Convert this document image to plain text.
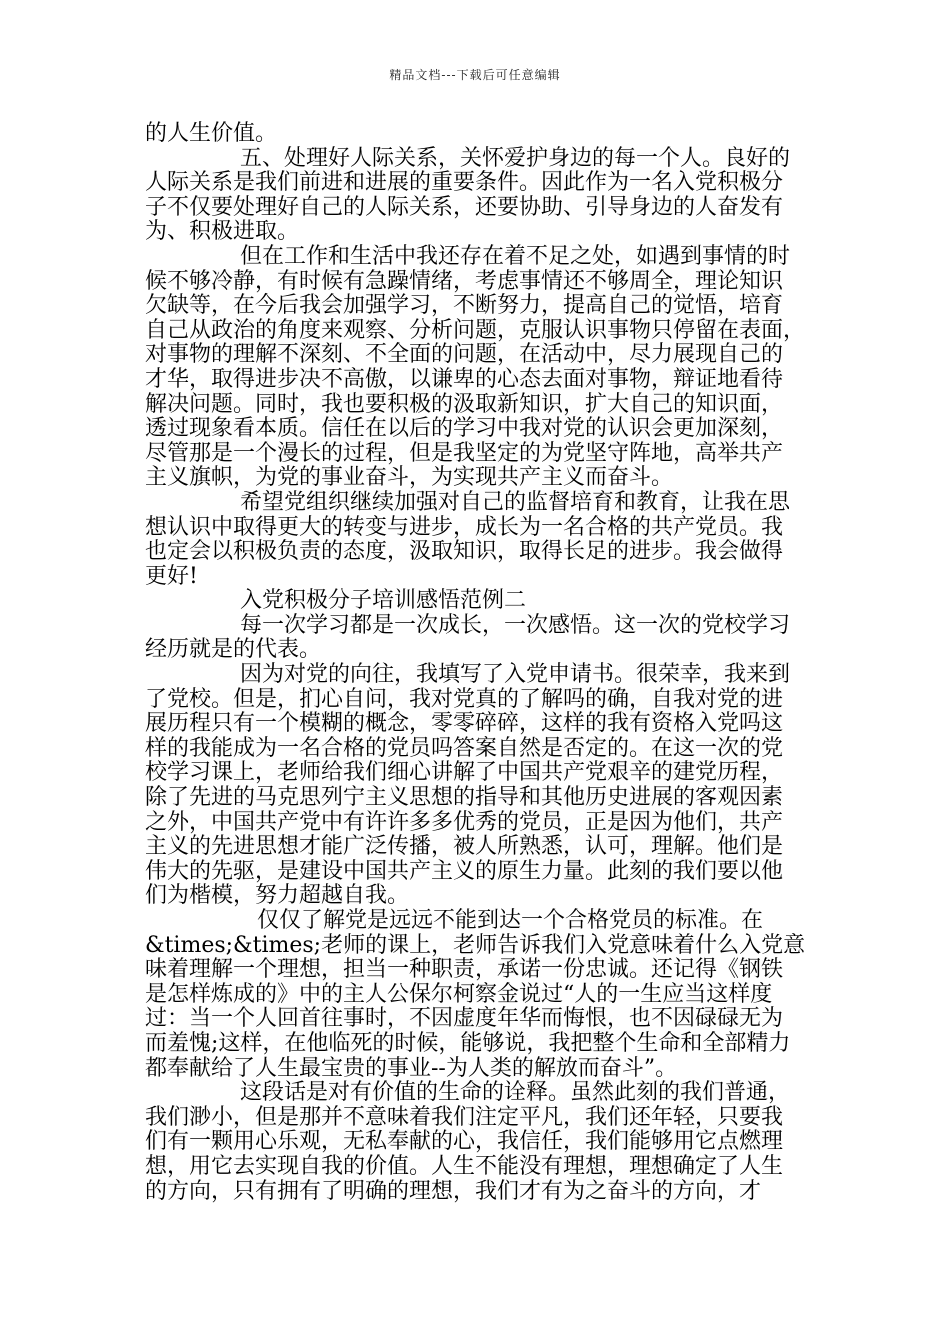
精品文档---下载后可任意编辑
的人生价值。
五、处理好人际关系，关怀爱护身边的每一个人。良好的
人际关系是我们前进和进展的重要条件。因此作为一名入党积极分
子不仅要处理好自己的人际关系，还要协助、引导身边的人奋发有
为、积极进取。
但在工作和生活中我还存在着不足之处，如遇到事情的时
候不够冷静，有时候有急躁情绪，考虑事情还不够周全，理论知识
欠缺等，在今后我会加强学习，不断努力，提高自己的觉悟，培育
自己从政治的角度来观察、分析问题，克服认识事物只停留在表面，
对事物的理解不深刻、不全面的问题，在活动中，尽力展现自己的
才华，取得进步决不高傲，以谦卑的心态去面对事物，辩证地看待
解决问题。同时，我也要积极的汲取新知识，扩大自己的知识面，
透过现象看本质。信任在以后的学习中我对党的认识会更加深刻，
尽管那是一个漫长的过程，但是我坚定的为党坚守阵地，高举共产
主义旗帜，为党的事业奋斗，为实现共产主义而奋斗。
希望党组织继续加强对自己的监督培育和教育，让我在思
想认识中取得更大的转变与进步，成长为一名合格的共产党员。我
也定会以积极负责的态度，汲取知识，取得长足的进步。我会做得
更好!
入党积极分子培训感悟范例二
每一次学习都是一次成长，一次感悟。这一次的党校学习
经历就是的代表。
因为对党的向往，我填写了入党申请书。很荣幸，我来到
了党校。但是，扪心自问，我对党真的了解吗的确，自我对党的进
展历程只有一个模糊的概念，零零碎碎，这样的我有资格入党吗这
样的我能成为一名合格的党员吗答案自然是否定的。在这一次的党
校学习课上，老师给我们细心讲解了中国共产党艰辛的建党历程，
除了先进的马克思列宁主义思想的指导和其他历史进展的客观因素
之外，中国共产党中有许许多多优秀的党员，正是因为他们，共产
主义的先进思想才能广泛传播，被人所熟悉，认可，理解。他们是
伟大的先驱，是建设中国共产主义的原生力量。此刻的我们要以他
们为楷模，努力超越自我。
仅仅了解党是远远不能到达一个合格党员的标准。在
&times;&times;老师的课上，老师告诉我们入党意味着什么入党意
味着理解一个理想，担当一种职责，承诺一份忠诚。还记得《钢铁
是怎样炼成的》中的主人公保尔柯察金说过“人的一生应当这样度
过：当一个人回首往事时，不因虚度年华而悔恨，也不因碌碌无为
而羞愧;这样，在他临死的时候，能够说，我把整个生命和全部精力
都奉献给了人生最宝贵的事业--为人类的解放而奋斗”。
这段话是对有价值的生命的诠释。虽然此刻的我们普通，
我们渺小，但是那并不意味着我们注定平凡，我们还年轻，只要我
们有一颗用心乐观，无私奉献的心，我信任，我们能够用它点燃理
想，用它去实现自我的价值。人生不能没有理想，理想确定了人生
的方向，只有拥有了明确的理想，我们才有为之奋斗的方向，才
